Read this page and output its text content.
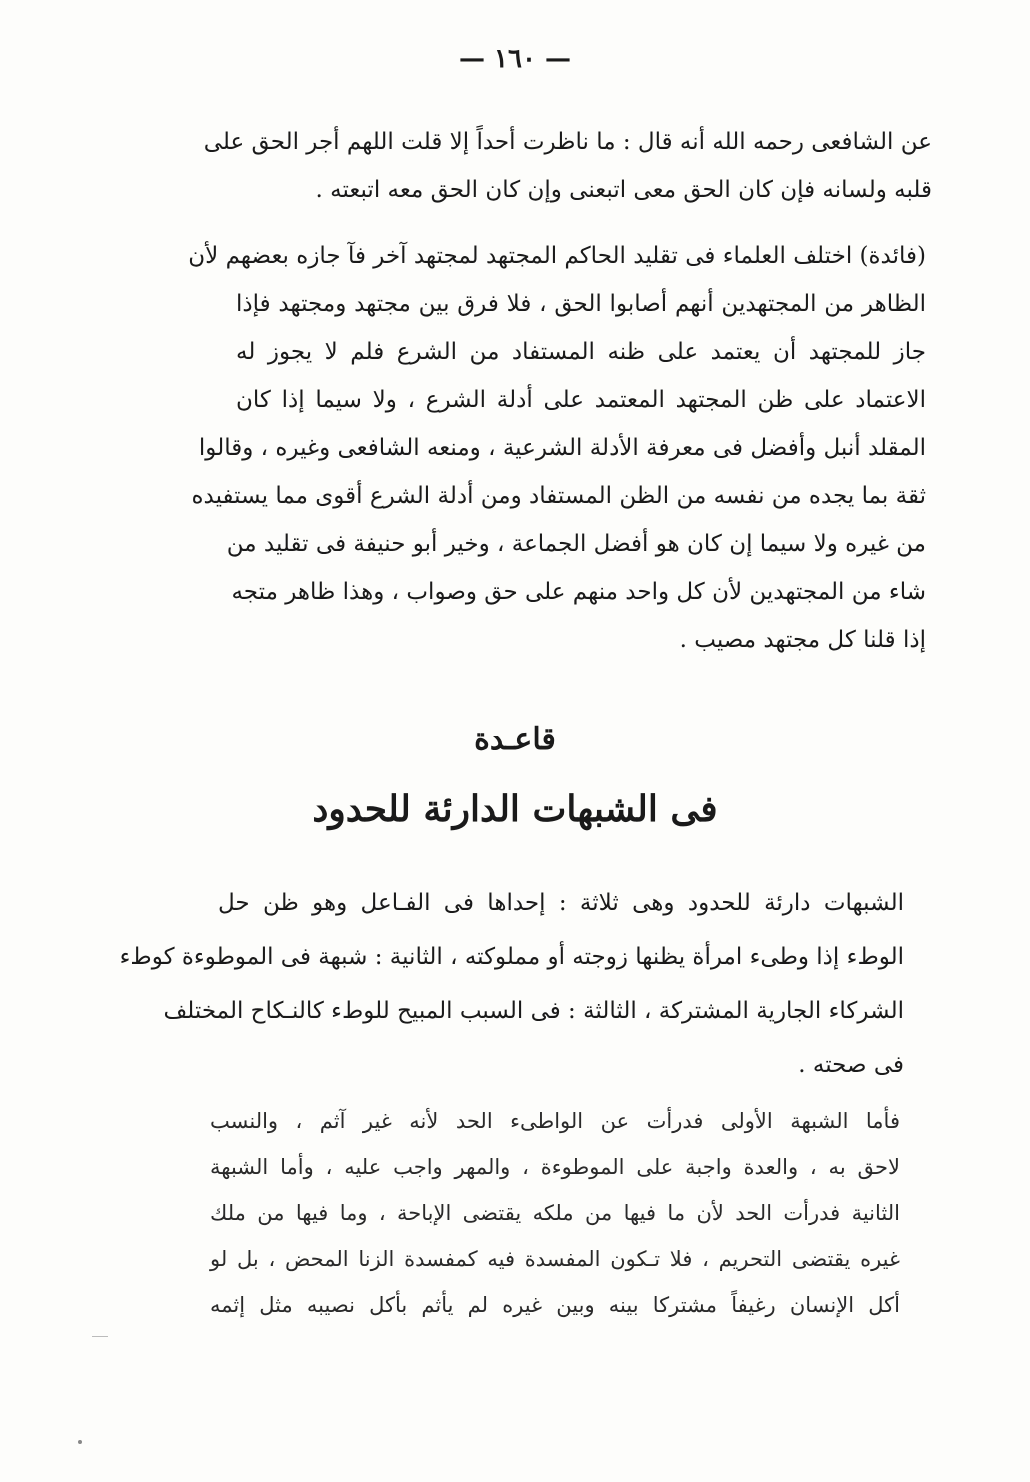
— ١٦٠ —
عن الشافعى رحمه الله أنه قال : ما ناظرت أحداً إلا قلت اللهم أجر الحق على
قلبه ولسانه فإن كان الحق معى اتبعنى وإن كان الحق معه اتبعته .
(فائدة) اختلف العلماء فى تقليد الحاكم المجتهد لمجتهد آخر فآ جازه بعضهم لأن
الظاهر من المجتهدين أنهم أصابوا الحق ، فلا فرق بين مجتهد ومجتهد فإذا
جاز للمجتهد أن يعتمد على ظنه المستفاد من الشرع فلم لا يجوز له
الاعتماد على ظن المجتهد المعتمد على أدلة الشرع ، ولا سيما إذا كان
المقلد أنبل وأفضل فى معرفة الأدلة الشرعية ، ومنعه الشافعى وغيره ، وقالوا
ثقة بما يجده من نفسه من الظن المستفاد ومن أدلة الشرع أقوى مما يستفيده
من غيره ولا سيما إن كان هو أفضل الجماعة ، وخير أبو حنيفة فى تقليد من
شاء من المجتهدين لأن كل واحد منهم على حق وصواب ، وهذا ظاهر متجه
إذا قلنا كل مجتهد مصيب .
قاعـدة
فى الشبهات الدارئة للحدود
الشبهات دارئة للحدود وهى ثلاثة : إحداها فى الفـاعل وهو ظن حل
الوطء إذا وطىء امرأة يظنها زوجته أو مملوكته ، الثانية : شبهة فى الموطوءة كوطء
الشركاء الجارية المشتركة ، الثالثة : فى السبب المبيح للوطء كالنـكاح المختلف
فى صحته .
فأما الشبهة الأولى فدرأت عن الواطىء الحد لأنه غير آثم ، والنسب
لاحق به ، والعدة واجبة على الموطوءة ، والمهر واجب عليه ، وأما الشبهة
الثانية فدرأت الحد لأن ما فيها من ملكه يقتضى الإباحة ، وما فيها من ملك
غيره يقتضى التحريم ، فلا تـكون المفسدة فيه كمفسدة الزنا المحض ، بل لو
أكل الإنسان رغيفاً مشتركا بينه وبين غيره لم يأثم بأكل نصيبه مثل إثمه
